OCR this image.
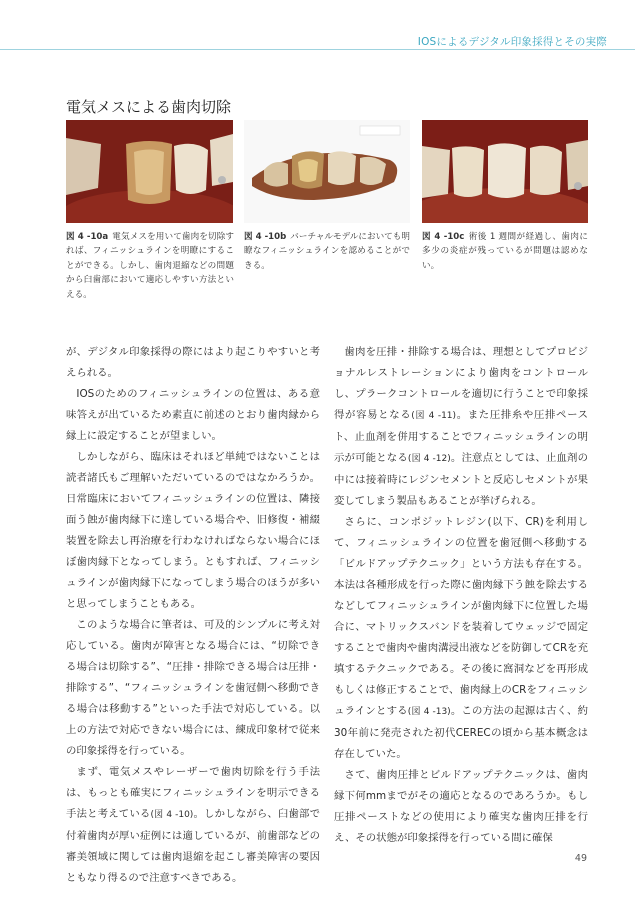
IOSによるデジタル印象採得とその実際
電気メスによる歯肉切除
図 4 -10a 電気メスを用いて歯肉を切除すれば、フィニッシュラインを明瞭にすることができる。しかし、歯肉退縮などの問題から臼歯部において適応しやすい方法といえる。
図 4 -10b バーチャルモデルにおいても明瞭なフィニッシュラインを認めることができる。
図 4 -10c 術後 1 週間が経過し、歯肉に多少の炎症が残っているが問題は認めない。

が、デジタル印象採得の際にはより起こりやすいと考えられる。

IOSのためのフィニッシュラインの位置は、ある意味答えが出ているため素直に前述のとおり歯肉縁から縁上に設定することが望ましい。

しかしながら、臨床はそれほど単純ではないことは読者諸氏もご理解いただいているのではなかろうか。日常臨床においてフィニッシュラインの位置は、隣接面う蝕が歯肉縁下に達している場合や、旧修復・補綴装置を除去し再治療を行わなければならない場合にほぼ歯肉縁下となってしまう。ともすれば、フィニッシュラインが歯肉縁下になってしまう場合のほうが多いと思ってしまうこともある。

このような場合に筆者は、可及的シンプルに考え対応している。歯肉が障害となる場合には、“切除できる場合は切除する”、“圧排・排除できる場合は圧排・排除する”、“フィニッシュラインを歯冠側へ移動できる場合は移動する”といった手法で対応している。以上の方法で対応できない場合には、練成印象材で従来の印象採得を行っている。

まず、電気メスやレーザーで歯肉切除を行う手法は、もっとも確実にフィニッシュラインを明示できる手法と考えている(図 4 -10)。しかしながら、臼歯部で付着歯肉が厚い症例には適しているが、前歯部などの審美領域に関しては歯肉退縮を起こし審美障害の要因ともなり得るので注意すべきである。

歯肉を圧排・排除する場合は、理想としてプロビジョナルレストレーションにより歯肉をコントロールし、プラークコントロールを適切に行うことで印象採得が容易となる(図 4 -11)。また圧排糸や圧排ペースト、止血剤を併用することでフィニッシュラインの明示が可能となる(図 4 -12)。注意点としては、止血剤の中には接着時にレジンセメントと反応しセメントが果変してしまう製品もあることが挙げられる。

さらに、コンポジットレジン(以下、CR)を利用して、フィニッシュラインの位置を歯冠側へ移動する「ビルドアップテクニック」という方法も存在する。本法は各種形成を行った際に歯肉縁下う蝕を除去するなどしてフィニッシュラインが歯肉縁下に位置した場合に、マトリックスバンドを装着してウェッジで固定することで歯肉や歯肉溝浸出液などを防御してCRを充填するテクニックである。その後に窩洞などを再形成もしくは修正することで、歯肉縁上のCRをフィニッシュラインとする(図 4 -13)。この方法の起源は古く、約30年前に発売された初代CERECの頃から基本概念は存在していた。

さて、歯肉圧排とビルドアップテクニックは、歯肉縁下何mmまでがその適応となるのであろうか。もし圧排ペーストなどの使用により確実な歯肉圧排を行え、その状態が印象採得を行っている間に確保

49
